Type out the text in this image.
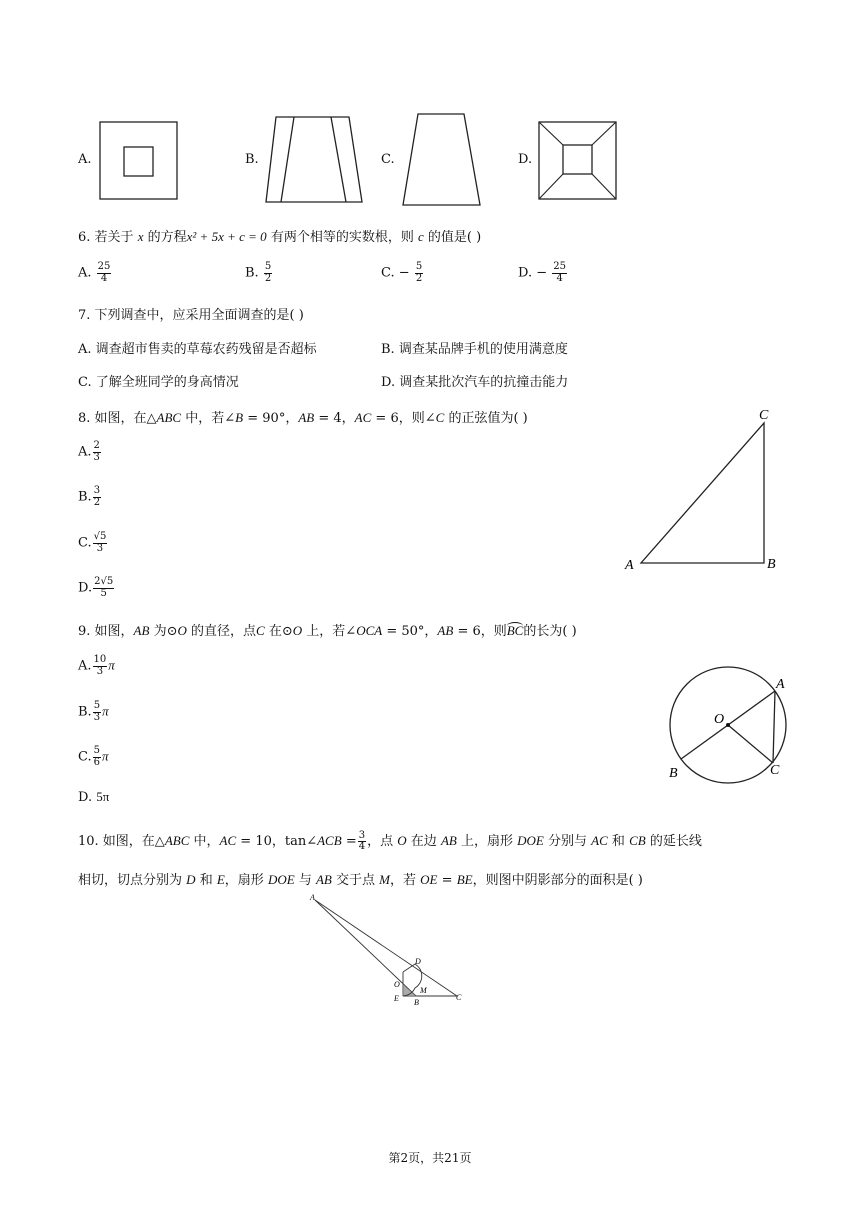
A.	B.	C.	D.
6. 若关于 x 的方程x² + 5x + c = 0 有两个相等的实数根，则 c 的值是( )
A. $\frac{25}{4}$	B. $\frac{5}{2}$	C. − $\frac{5}{2}$	D. − $\frac{25}{4}$
7. 下列调查中，应采用全面调查的是( )
A. 调查超市售卖的草莓农药残留是否超标	B. 调查某品牌手机的使用满意度
C. 了解全班同学的身高情况	D. 调查某批次汽车的抗撞击能力
8. 如图，在△ABC 中，若∠B = 90°，AB = 4，AC = 6，则∠C 的正弦值为( )
A. $\frac{2}{3}$
B. $\frac{3}{2}$
C. $\frac{√5}{3}$
D. $\frac{2√5}{5}$
A	B
C
9. 如图，AB 为⊙O 的直径，点C 在⊙O 上，若∠OCA = 50°，AB = 6，则BC的长为( )
A. $\frac{10}{3}$ π
B. $\frac{5}{3}$ π
C. $\frac{5}{6}$ π
D. 5π
O
A
B	C
10. 如图，在△ABC 中，AC = 10，tan∠ACB = $\frac{3}{4}$ ，点 O 在边 AB 上，扇形 DOE 分别与 AC 和 CB 的延长线
相切，切点分别为 D 和 E，扇形 DOE 与 AB 交于点 M，若 OE = BE，则图中阴影部分的面积是( )
A
D
O
M
E B
C
第2页，共21页
